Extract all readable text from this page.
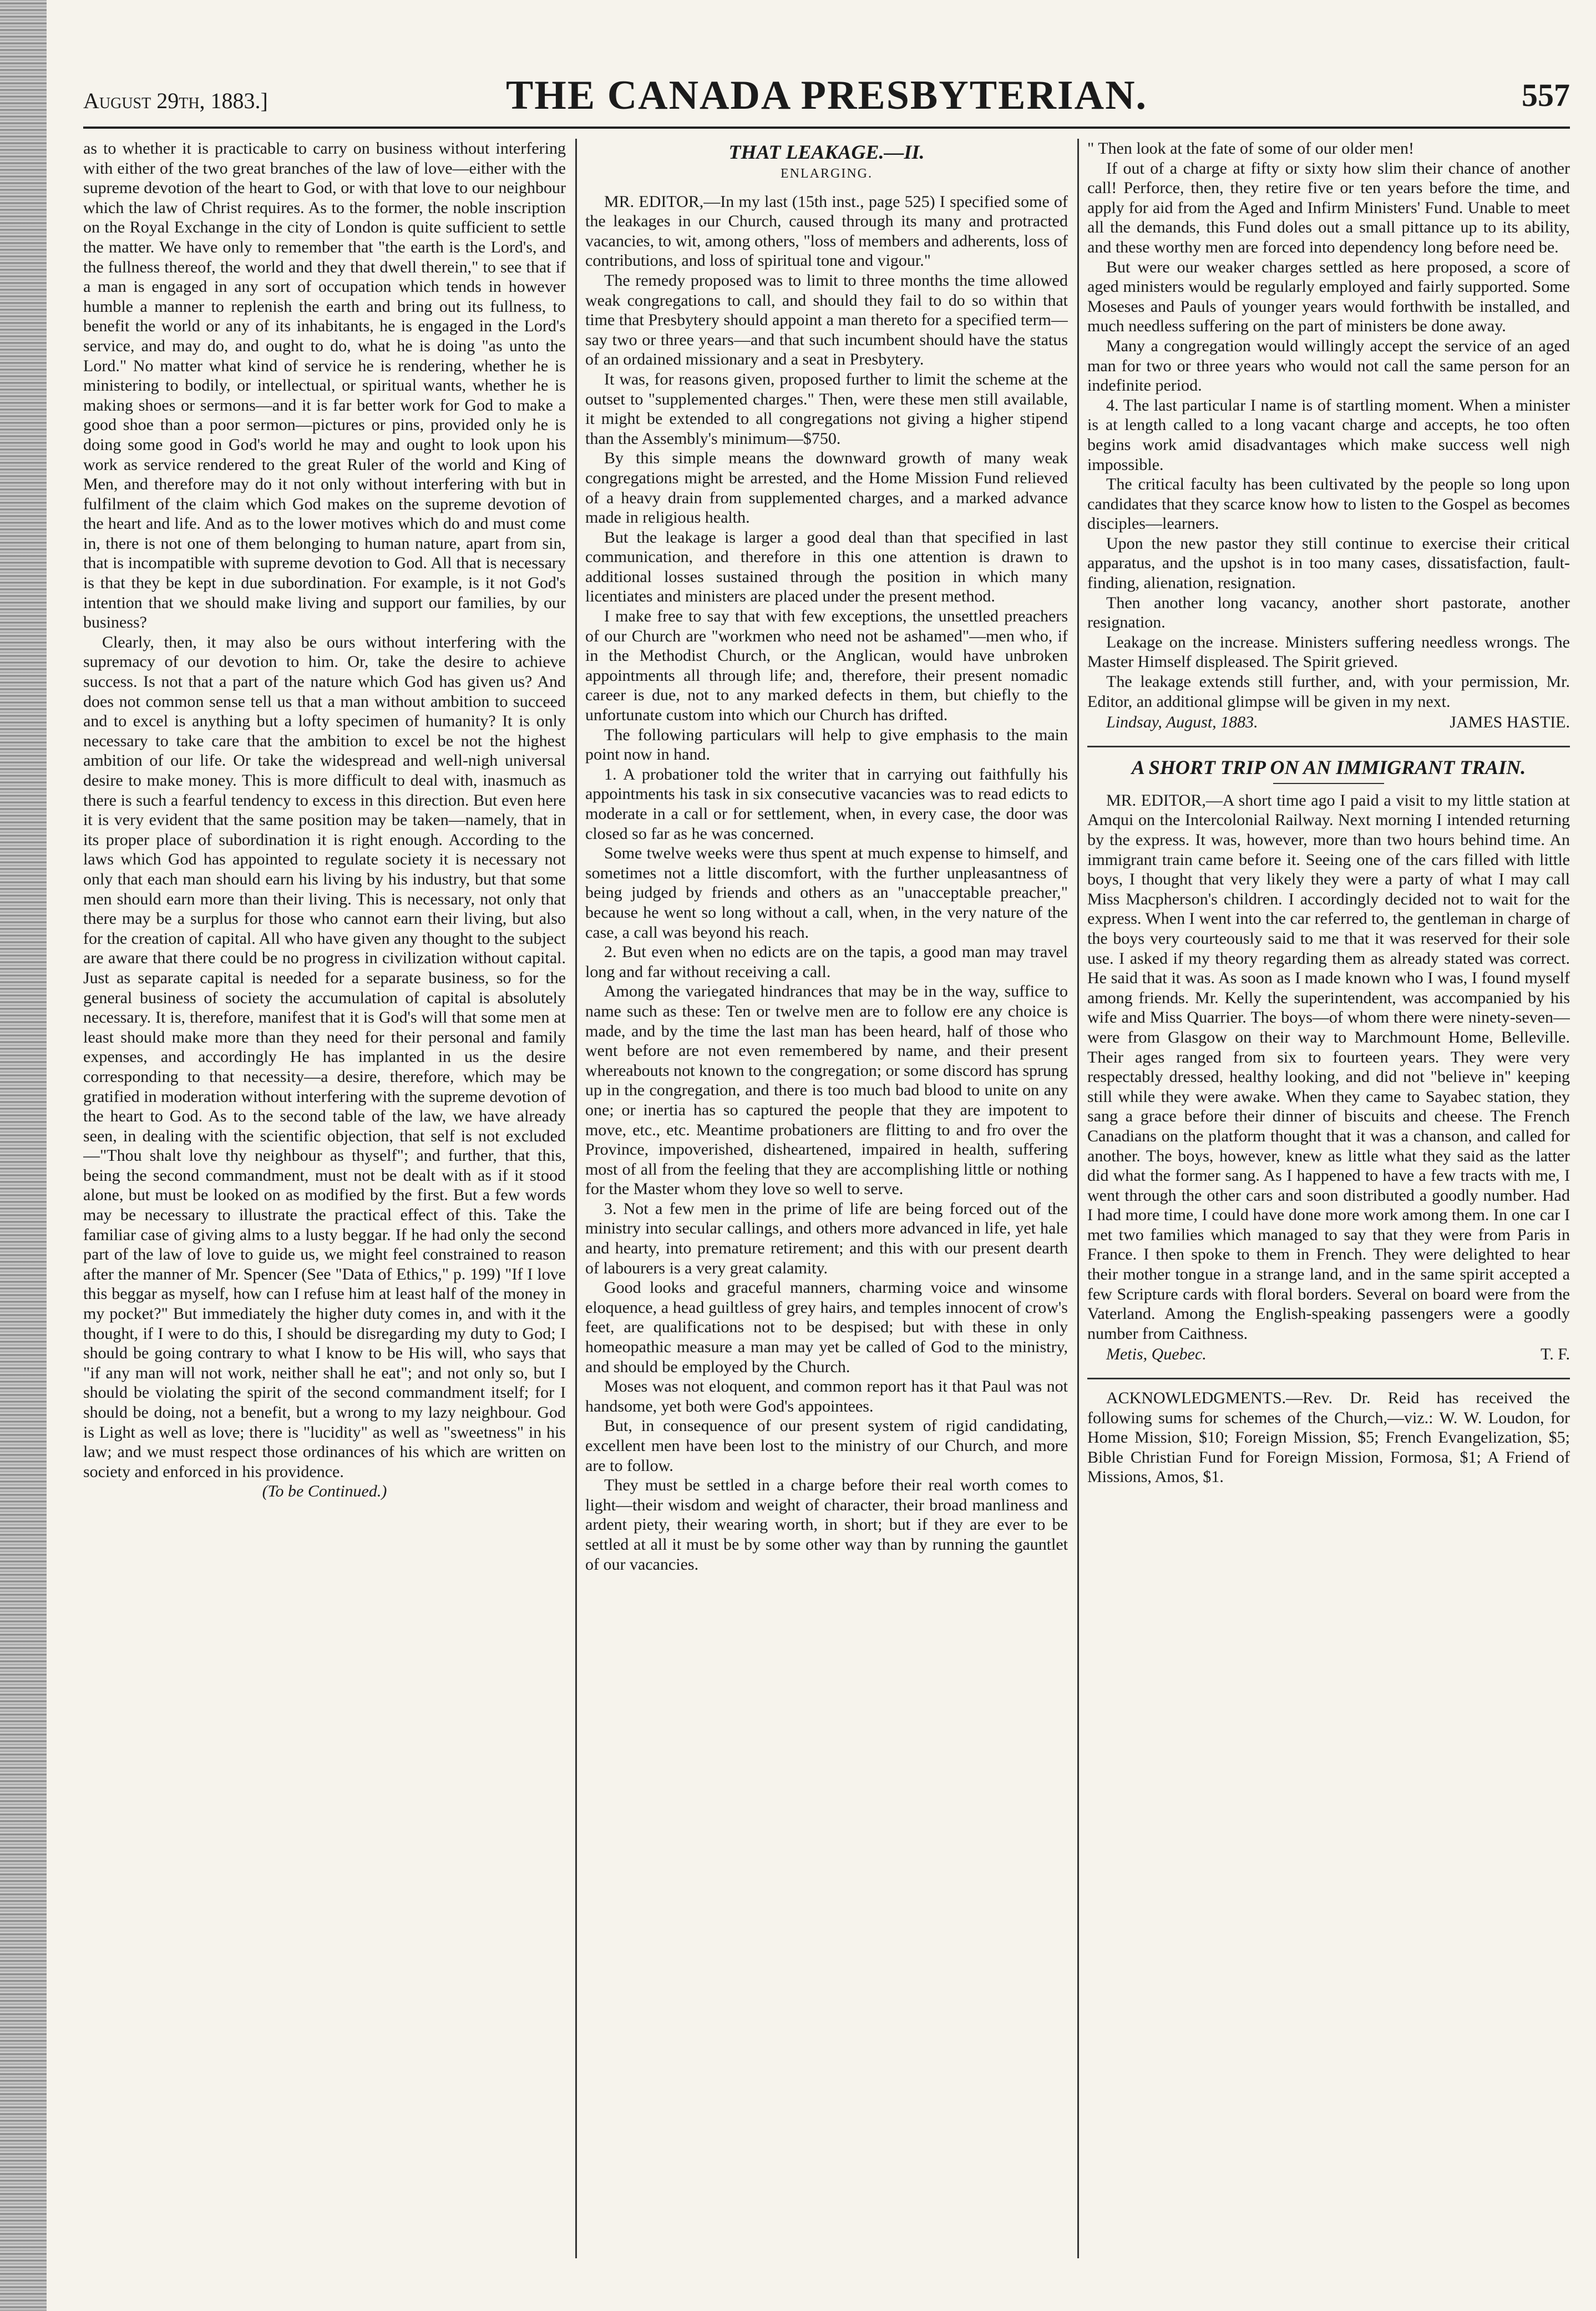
August 29th, 1883.]	THE CANADA PRESBYTERIAN.	557

as to whether it is practicable to carry on business without interfering with either of the two great branches of the law of love—either with the supreme devotion of the heart to God, or with that love to our neighbour which the law of Christ requires. As to the former, the noble inscription on the Royal Exchange in the city of London is quite sufficient to settle the matter. We have only to remember that "the earth is the Lord's, and the fullness thereof, the world and they that dwell therein," to see that if a man is engaged in any sort of occupation which tends in however humble a manner to replenish the earth and bring out its fullness, to benefit the world or any of its inhabitants, he is engaged in the Lord's service, and may do, and ought to do, what he is doing "as unto the Lord." No matter what kind of service he is rendering, whether he is ministering to bodily, or intellectual, or spiritual wants, whether he is making shoes or sermons—and it is far better work for God to make a good shoe than a poor sermon—pictures or pins, provided only he is doing some good in God's world he may and ought to look upon his work as service rendered to the great Ruler of the world and King of Men, and therefore may do it not only without interfering with but in fulfilment of the claim which God makes on the supreme devotion of the heart and life. And as to the lower motives which do and must come in, there is not one of them belonging to human nature, apart from sin, that is incompatible with supreme devotion to God. All that is necessary is that they be kept in due subordination. For example, is it not God's intention that we should make living and support our families, by our business?

Clearly, then, it may also be ours without interfering with the supremacy of our devotion to him. Or, take the desire to achieve success. Is not that a part of the nature which God has given us? And does not common sense tell us that a man without ambition to succeed and to excel is anything but a lofty specimen of humanity? It is only necessary to take care that the ambition to excel be not the highest ambition of our life. Or take the widespread and well-nigh universal desire to make money. This is more difficult to deal with, inasmuch as there is such a fearful tendency to excess in this direction. But even here it is very evident that the same position may be taken—namely, that in its proper place of subordination it is right enough. According to the laws which God has appointed to regulate society it is necessary not only that each man should earn his living by his industry, but that some men should earn more than their living. This is necessary, not only that there may be a surplus for those who cannot earn their living, but also for the creation of capital. All who have given any thought to the subject are aware that there could be no progress in civilization without capital. Just as separate capital is needed for a separate business, so for the general business of society the accumulation of capital is absolutely necessary. It is, therefore, manifest that it is God's will that some men at least should make more than they need for their personal and family expenses, and accordingly He has implanted in us the desire corresponding to that necessity—a desire, therefore, which may be gratified in moderation without interfering with the supreme devotion of the heart to God. As to the second table of the law, we have already seen, in dealing with the scientific objection, that self is not excluded—"Thou shalt love thy neighbour as thyself"; and further, that this, being the second commandment, must not be dealt with as if it stood alone, but must be looked on as modified by the first. But a few words may be necessary to illustrate the practical effect of this. Take the familiar case of giving alms to a lusty beggar. If he had only the second part of the law of love to guide us, we might feel constrained to reason after the manner of Mr. Spencer (See "Data of Ethics," p. 199) "If I love this beggar as myself, how can I refuse him at least half of the money in my pocket?" But immediately the higher duty comes in, and with it the thought, if I were to do this, I should be disregarding my duty to God; I should be going contrary to what I know to be His will, who says that "if any man will not work, neither shall he eat"; and not only so, but I should be violating the spirit of the second commandment itself; for I should be doing, not a benefit, but a wrong to my lazy neighbour. God is Light as well as love; there is "lucidity" as well as "sweetness" in his law; and we must respect those ordinances of his which are written on society and enforced in his providence.

(To be Continued.)

THAT LEAKAGE.—II.
ENLARGING.

MR. EDITOR,—In my last (15th inst., page 525) I specified some of the leakages in our Church, caused through its many and protracted vacancies, to wit, among others, "loss of members and adherents, loss of contributions, and loss of spiritual tone and vigour."

The remedy proposed was to limit to three months the time allowed weak congregations to call, and should they fail to do so within that time that Presbytery should appoint a man thereto for a specified term—say two or three years—and that such incumbent should have the status of an ordained missionary and a seat in Presbytery.

It was, for reasons given, proposed further to limit the scheme at the outset to "supplemented charges." Then, were these men still available, it might be extended to all congregations not giving a higher stipend than the Assembly's minimum—$750.

By this simple means the downward growth of many weak congregations might be arrested, and the Home Mission Fund relieved of a heavy drain from supplemented charges, and a marked advance made in religious health.

But the leakage is larger a good deal than that specified in last communication, and therefore in this one attention is drawn to additional losses sustained through the position in which many licentiates and ministers are placed under the present method.

I make free to say that with few exceptions, the unsettled preachers of our Church are "workmen who need not be ashamed"—men who, if in the Methodist Church, or the Anglican, would have unbroken appointments all through life; and, therefore, their present nomadic career is due, not to any marked defects in them, but chiefly to the unfortunate custom into which our Church has drifted.

The following particulars will help to give emphasis to the main point now in hand.

1. A probationer told the writer that in carrying out faithfully his appointments his task in six consecutive vacancies was to read edicts to moderate in a call or for settlement, when, in every case, the door was closed so far as he was concerned.

Some twelve weeks were thus spent at much expense to himself, and sometimes not a little discomfort, with the further unpleasantness of being judged by friends and others as an "unacceptable preacher," because he went so long without a call, when, in the very nature of the case, a call was beyond his reach.

2. But even when no edicts are on the tapis, a good man may travel long and far without receiving a call.

Among the variegated hindrances that may be in the way, suffice to name such as these: Ten or twelve men are to follow ere any choice is made, and by the time the last man has been heard, half of those who went before are not even remembered by name, and their present whereabouts not known to the congregation; or some discord has sprung up in the congregation, and there is too much bad blood to unite on any one; or inertia has so captured the people that they are impotent to move, etc., etc. Meantime probationers are flitting to and fro over the Province, impoverished, disheartened, impaired in health, suffering most of all from the feeling that they are accomplishing little or nothing for the Master whom they love so well to serve.

3. Not a few men in the prime of life are being forced out of the ministry into secular callings, and others more advanced in life, yet hale and hearty, into premature retirement; and this with our present dearth of labourers is a very great calamity.

Good looks and graceful manners, charming voice and winsome eloquence, a head guiltless of grey hairs, and temples innocent of crow's feet, are qualifications not to be despised; but with these in only homeopathic measure a man may yet be called of God to the ministry, and should be employed by the Church.

Moses was not eloquent, and common report has it that Paul was not handsome, yet both were God's appointees.

But, in consequence of our present system of rigid candidating, excellent men have been lost to the ministry of our Church, and more are to follow.

They must be settled in a charge before their real worth comes to light—their wisdom and weight of character, their broad manliness and ardent piety, their wearing worth, in short; but if they are ever to be settled at all it must be by some other way than by running the gauntlet of our vacancies.

" Then look at the fate of some of our older men!

If out of a charge at fifty or sixty how slim their chance of another call! Perforce, then, they retire five or ten years before the time, and apply for aid from the Aged and Infirm Ministers' Fund. Unable to meet all the demands, this Fund doles out a small pittance up to its ability, and these worthy men are forced into dependency long before need be.

But were our weaker charges settled as here proposed, a score of aged ministers would be regularly employed and fairly supported. Some Moseses and Pauls of younger years would forthwith be installed, and much needless suffering on the part of ministers be done away.

Many a congregation would willingly accept the service of an aged man for two or three years who would not call the same person for an indefinite period.

4. The last particular I name is of startling moment. When a minister is at length called to a long vacant charge and accepts, he too often begins work amid disadvantages which make success well nigh impossible.

The critical faculty has been cultivated by the people so long upon candidates that they scarce know how to listen to the Gospel as becomes disciples—learners.

Upon the new pastor they still continue to exercise their critical apparatus, and the upshot is in too many cases, dissatisfaction, fault-finding, alienation, resignation.

Then another long vacancy, another short pastorate, another resignation.

Leakage on the increase. Ministers suffering needless wrongs. The Master Himself displeased. The Spirit grieved.

The leakage extends still further, and, with your permission, Mr. Editor, an additional glimpse will be given in my next.

Lindsay, August, 1883.	JAMES HASTIE.
A SHORT TRIP ON AN IMMIGRANT TRAIN.

MR. EDITOR,—A short time ago I paid a visit to my little station at Amqui on the Intercolonial Railway. Next morning I intended returning by the express. It was, however, more than two hours behind time. An immigrant train came before it. Seeing one of the cars filled with little boys, I thought that very likely they were a party of what I may call Miss Macpherson's children. I accordingly decided not to wait for the express. When I went into the car referred to, the gentleman in charge of the boys very courteously said to me that it was reserved for their sole use. I asked if my theory regarding them as already stated was correct. He said that it was. As soon as I made known who I was, I found myself among friends. Mr. Kelly the superintendent, was accompanied by his wife and Miss Quarrier. The boys—of whom there were ninety-seven—were from Glasgow on their way to Marchmount Home, Belleville. Their ages ranged from six to fourteen years. They were very respectably dressed, healthy looking, and did not "believe in" keeping still while they were awake. When they came to Sayabec station, they sang a grace before their dinner of biscuits and cheese. The French Canadians on the platform thought that it was a chanson, and called for another. The boys, however, knew as little what they said as the latter did what the former sang. As I happened to have a few tracts with me, I went through the other cars and soon distributed a goodly number. Had I had more time, I could have done more work among them. In one car I met two families which managed to say that they were from Paris in France. I then spoke to them in French. They were delighted to hear their mother tongue in a strange land, and in the same spirit accepted a few Scripture cards with floral borders. Several on board were from the Vaterland. Among the English-speaking passengers were a goodly number from Caithness.

Metis, Quebec.	T. F.

ACKNOWLEDGMENTS.—Rev. Dr. Reid has received the following sums for schemes of the Church,—viz.: W. W. Loudon, for Home Mission, $10; Foreign Mission, $5; French Evangelization, $5; Bible Christian Fund for Foreign Mission, Formosa, $1; A Friend of Missions, Amos, $1.
